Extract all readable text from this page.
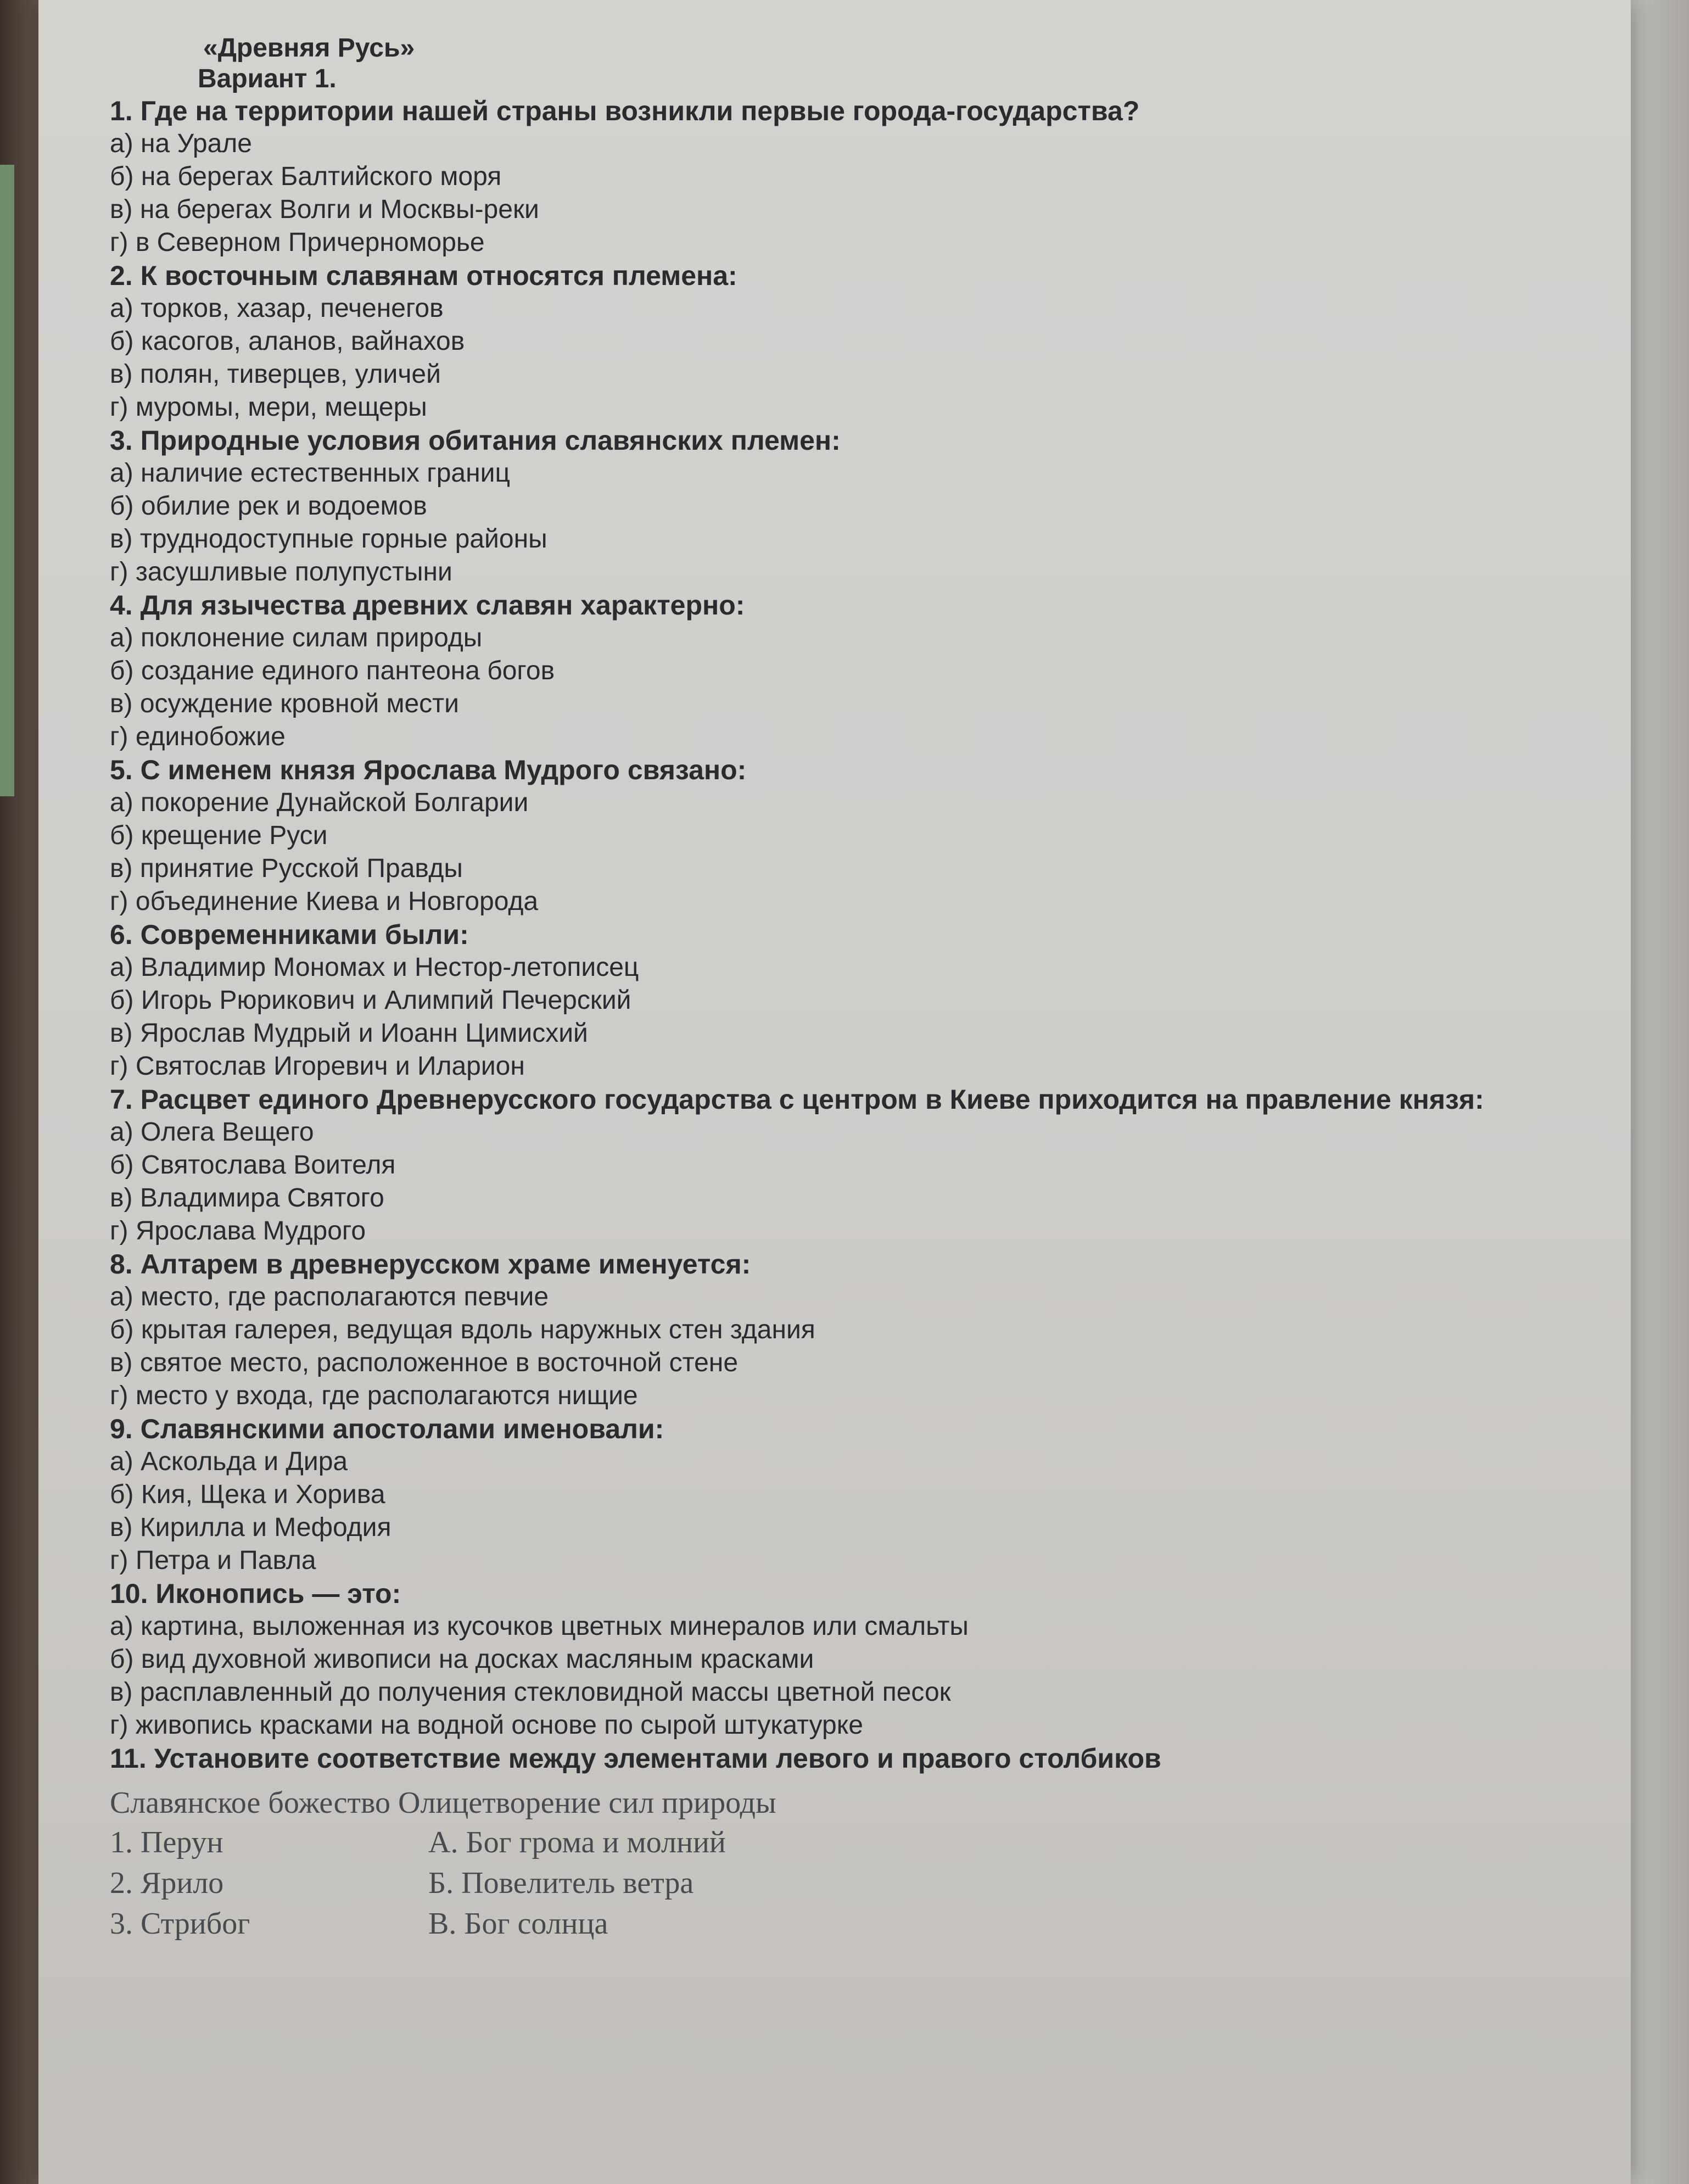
«Древняя Русь»
Вариант 1.
1. Где на территории нашей страны возникли первые города-государства?
а) на Урале
б) на берегах Балтийского моря
в) на берегах Волги и Москвы-реки
г) в Северном Причерноморье
2. К восточным славянам относятся племена:
а) торков, хазар, печенегов
б) касогов, аланов, вайнахов
в) полян, тиверцев, уличей
г) муромы, мери, мещеры
3. Природные условия обитания славянских племен:
а) наличие естественных границ
б) обилие рек и водоемов
в) труднодоступные горные районы
г) засушливые полупустыни
4. Для язычества древних славян характерно:
а) поклонение силам природы
б) создание единого пантеона богов
в) осуждение кровной мести
г) единобожие
5. С именем князя Ярослава Мудрого связано:
а) покорение Дунайской Болгарии
б) крещение Руси
в) принятие Русской Правды
г) объединение Киева и Новгорода
6. Современниками были:
а) Владимир Мономах и Нестор-летописец
б) Игорь Рюрикович и Алимпий Печерский
в) Ярослав Мудрый и Иоанн Цимисхий
г) Святослав Игоревич и Иларион
7. Расцвет единого Древнерусского государства с центром в Киеве приходится на правление князя:
а) Олега Вещего
б) Святослава Воителя
в) Владимира Святого
г) Ярослава Мудрого
8. Алтарем в древнерусском храме именуется:
а) место, где располагаются певчие
б) крытая галерея, ведущая вдоль наружных стен здания
в) святое место, расположенное в восточной стене
г) место у входа, где располагаются нищие
9. Славянскими апостолами именовали:
а) Аскольда и Дира
б) Кия, Щека и Хорива
в) Кирилла и Мефодия
г) Петра и Павла
10. Иконопись — это:
а) картина, выложенная из кусочков цветных минералов или смальты
б) вид духовной живописи на досках масляным красками
в) расплавленный до получения стекловидной массы цветной песок
г) живопись красками на водной основе по сырой штукатурке
11. Установите соответствие между элементами левого и правого столбиков
Славянское божество Олицетворение сил природы
1. Перун	А. Бог грома и молний
2. Ярило	Б. Повелитель ветра
3. Стрибог	В. Бог солнца
